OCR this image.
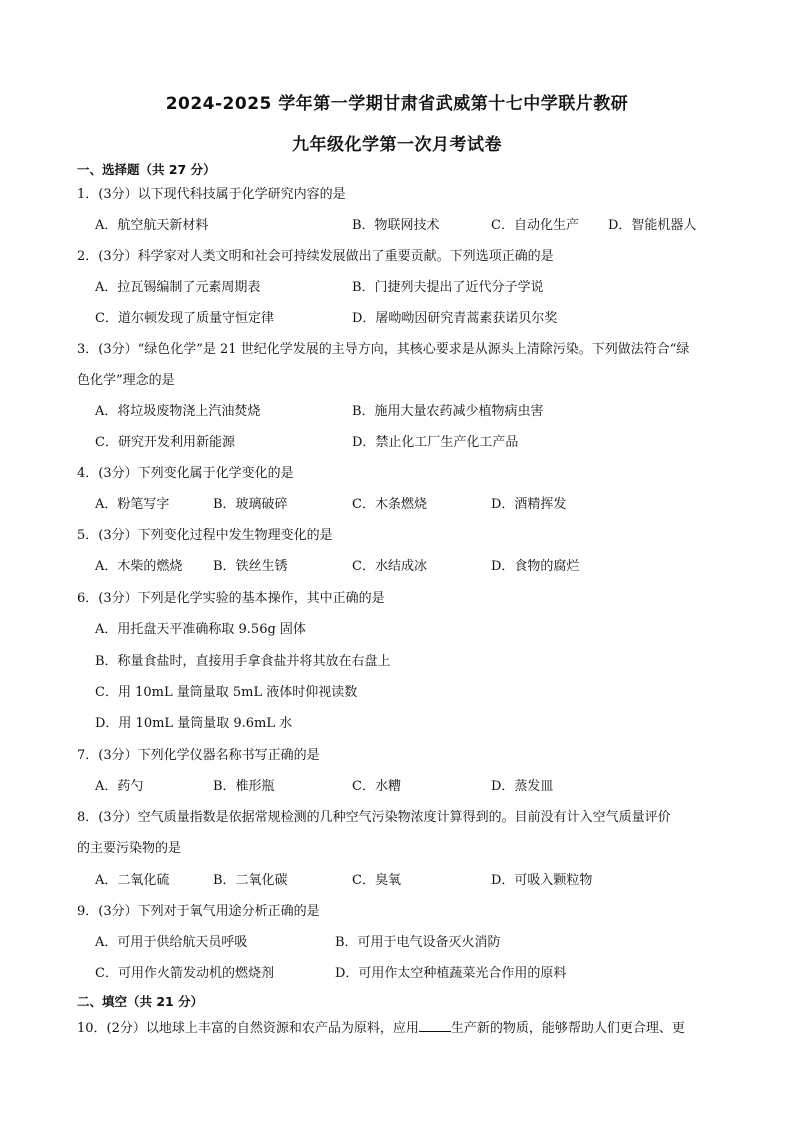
2024-2025 学年第一学期甘肃省武威第十七中学联片教研
九年级化学第一次月考试卷
一、选择题（共 27 分）
1．(3分）以下现代科技属于化学研究内容的是
A．航空航天新材料	B．物联网技术	C．自动化生产 D．智能机器人
2．(3分）科学家对人类文明和社会可持续发展做出了重要贡献。下列选项正确的是
A．拉瓦锡编制了元素周期表	B．门捷列夫提出了近代分子学说
C．道尔顿发现了质量守恒定律	D．屠呦呦因研究青蒿素获诺贝尔奖
3．(3分）“绿色化学”是 21 世纪化学发展的主导方向，其核心要求是从源头上清除污染。下列做法符合“绿
色化学”理念的是
A．将垃圾废物浇上汽油焚烧	B．施用大量农药减少植物病虫害
C．研究开发利用新能源	D．禁止化工厂生产化工产品
4．(3分）下列变化属于化学变化的是
A．粉笔写字	B．玻璃破碎	C．木条燃烧	D．酒精挥发
5．(3分）下列变化过程中发生物理变化的是
A．木柴的燃烧 B．铁丝生锈	C．水结成冰	D．食物的腐烂
6．(3分）下列是化学实验的基本操作，其中正确的是
A．用托盘天平准确称取 9.56g 固体
B．称量食盐时，直接用手拿食盐并将其放在右盘上
C．用 10mL 量筒量取 5mL 液体时仰视读数
D．用 10mL 量筒量取 9.6mL 水
7．(3分）下列化学仪器名称书写正确的是
A．药勺	B．椎形瓶	C．水糟	D．蒸发皿
8．(3分）空气质量指数是依据常规检测的几种空气污染物浓度计算得到的。目前没有计入空气质量评价
的主要污染物的是
A．二氧化硫	B．二氧化碳	C．臭氧	D．可吸入颗粒物
9．(3分）下列对于氧气用途分析正确的是
A．可用于供给航天员呼吸	B．可用于电气设备灭火消防
C．可用作火箭发动机的燃烧剂	D．可用作太空种植蔬菜光合作用的原料
二、填空（共 21 分）
10．(2分）以地球上丰富的自然资源和农产品为原料，应用 生产新的物质，能够帮助人们更合理、更
